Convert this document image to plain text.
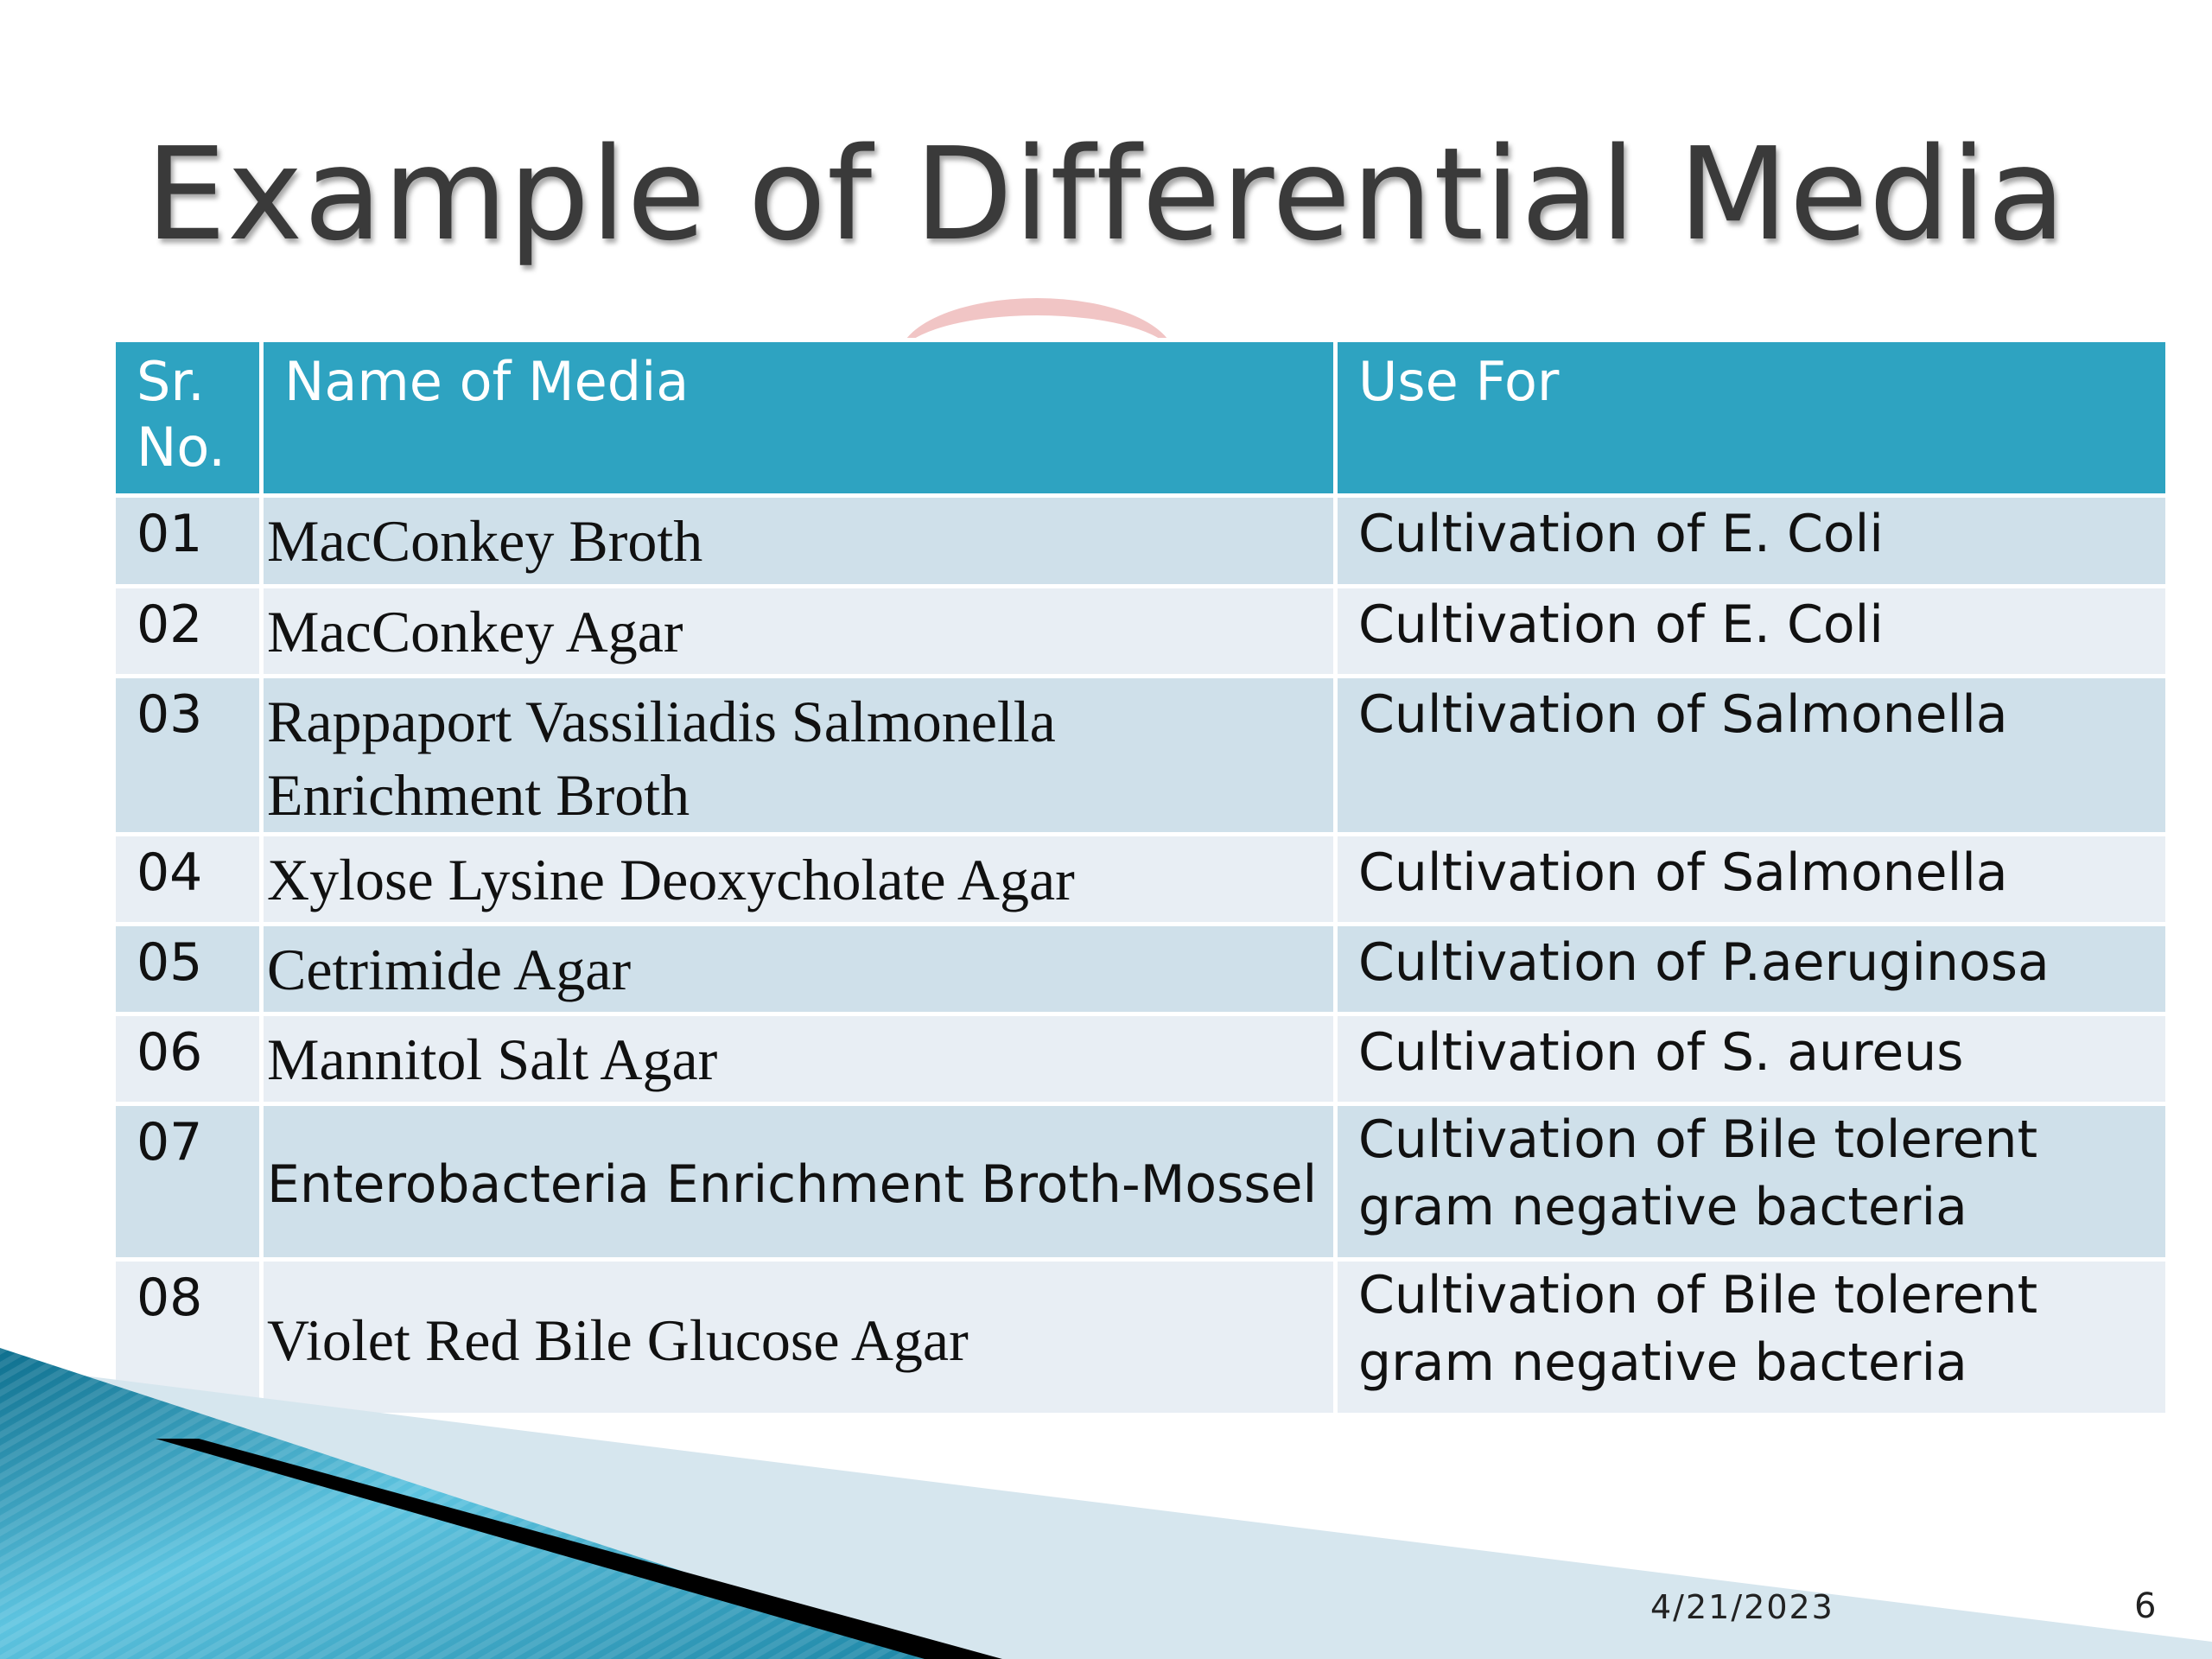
Example of Differential Media
Sr. No.	Name of Media	Use For
01	MacConkey Broth	Cultivation of E. Coli
02	MacConkey Agar	Cultivation of E. Coli
03	Rappaport Vassiliadis Salmonella Enrichment Broth	Cultivation of Salmonella
04	Xylose Lysine Deoxycholate Agar	Cultivation of Salmonella
05	Cetrimide Agar	Cultivation of P.aeruginosa
06	Mannitol Salt Agar	Cultivation of S. aureus
07	Enterobacteria Enrichment Broth-Mossel	Cultivation of Bile tolerent gram negative bacteria
08	Violet Red Bile Glucose Agar	Cultivation of Bile tolerent gram negative bacteria
4/21/2023	6
